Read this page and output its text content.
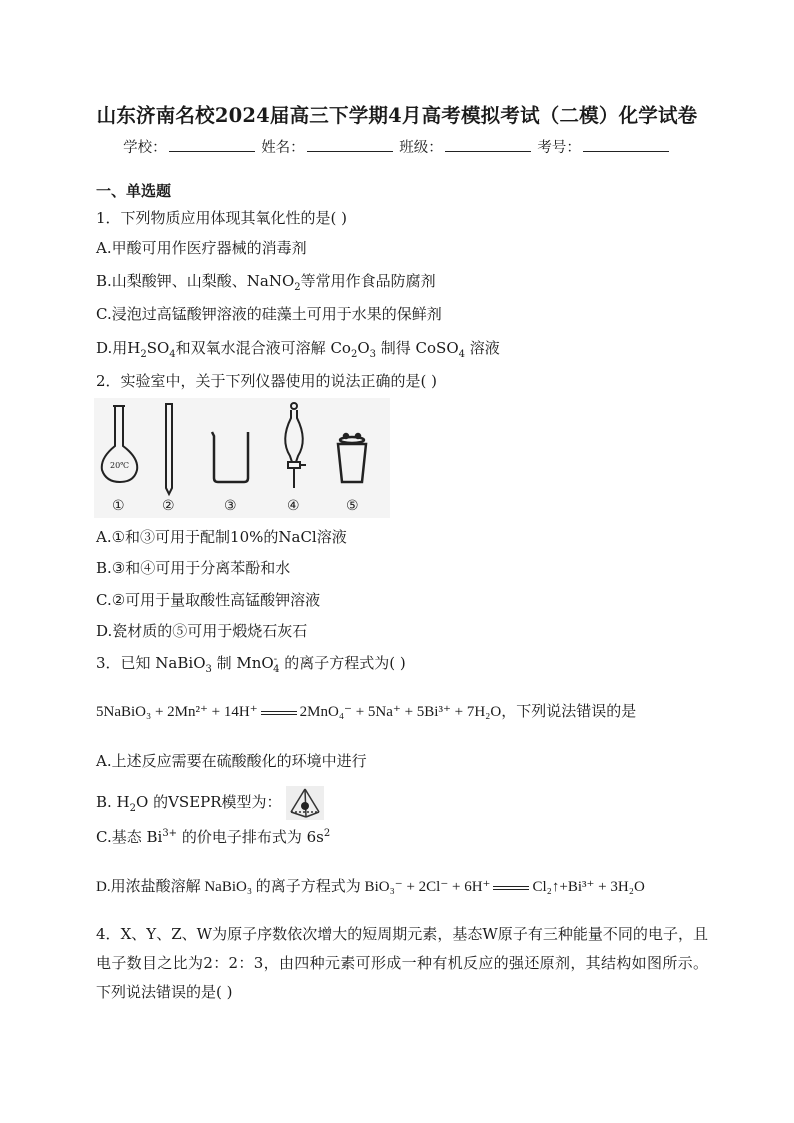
山东济南名校2024届高三下学期4月高考模拟考试（二模）化学试卷
学校：	姓名：	班级：	考号：
一、单选题
1．下列物质应用体现其氧化性的是( )
A.甲酸可用作医疗器械的消毒剂
B.山梨酸钾、山梨酸、NaNO$_2$等常用作食品防腐剂
C.浸泡过高锰酸钾溶液的硅藻土可用于水果的保鲜剂
D.用$H_2SO_4$和双氧水混合液可溶解 $Co_2O_3$ 制得 CoSO$_4$ 溶液
2．实验室中，关于下列仪器使用的说法正确的是( )
20℃
①	②	③	④	⑤
A.①和③可用于配制10%的NaCl溶液
B.③和④可用于分离苯酚和水
C.②可用于量取酸性高锰酸钾溶液
D.瓷材质的⑤可用于煅烧石灰石
3．已知 NaBiO$_3$ 制 MnO-$_4$ 的离子方程式为( )
5NaBiO₃ + 2Mn²⁺ + 14H⁺	2MnO₄⁻ + 5Na⁺ + 5Bi³⁺ + 7H₂O，下列说法错误的是
A.上述反应需要在硫酸酸化的环境中进行
B. $H_2O$ 的VSEPR模型为：
C.基态 $Bi^{3+}$ 的价电子排布式为 $6s^2$
D.用浓盐酸溶解 NaBiO₃ 的离子方程式为 BiO₃⁻ + 2Cl⁻ + 6H⁺	Cl₂↑+Bi³⁺ + 3H₂O
4．X、Y、Z、W为原子序数依次增大的短周期元素，基态W原子有三种能量不同的电子，且电子数目之比为2：2：3，由四种元素可形成一种有机反应的强还原剂，其结构如图所示。下列说法错误的是( )
